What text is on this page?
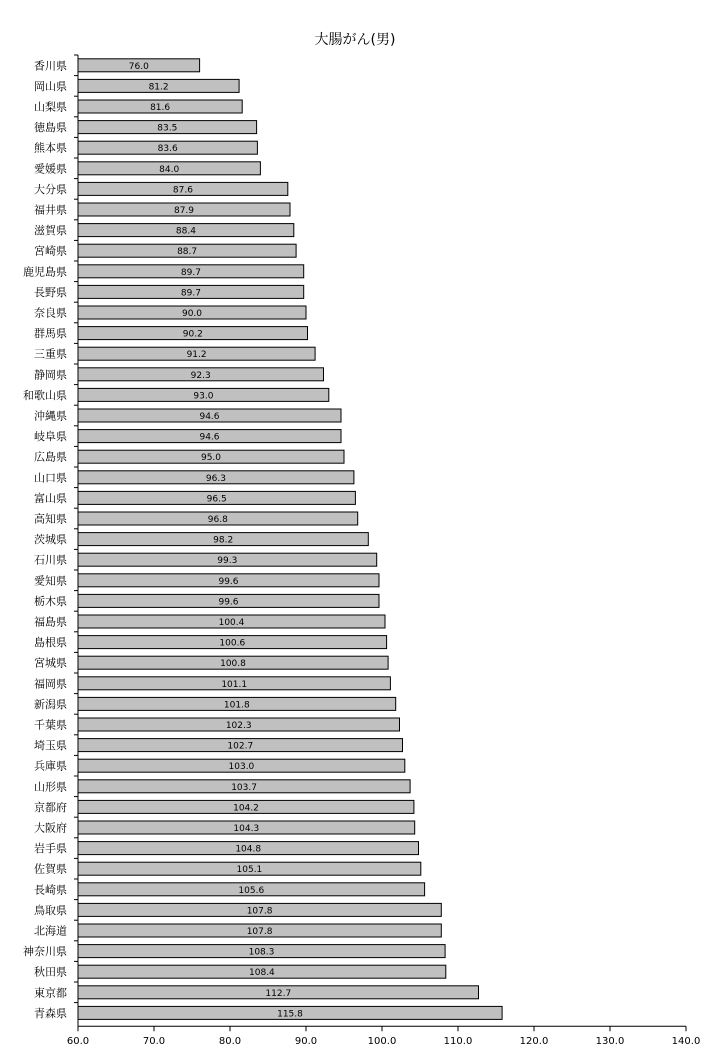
大腸がん(男)
76.0
81.2
81.6
83.5
83.6
84.0
87.6
87.9
88.4
88.7
89.7
89.7
90.0
90.2
91.2
92.3
93.0
94.6
94.6
95.0
96.3
96.5
96.8
98.2
99.3
99.6
99.6
100.4
100.6
100.8
101.1
101.8
102.3
102.7
103.0
103.7
104.2
104.3
104.8
105.1
105.6
107.8
107.8
108.3
108.4
112.7
115.8
香川県
岡山県
山梨県
徳島県
熊本県
愛媛県
大分県
福井県
滋賀県
宮崎県
鹿児島県
長野県
奈良県
群馬県
三重県
静岡県
和歌山県
沖縄県
岐阜県
広島県
山口県
富山県
高知県
茨城県
石川県
愛知県
栃木県
福島県
島根県
宮城県
福岡県
新潟県
千葉県
埼玉県
兵庫県
山形県
京都府
大阪府
岩手県
佐賀県
長崎県
鳥取県
北海道
神奈川県
秋田県
東京都
青森県
60.0	70.0	80.0	90.0	100.0	110.0	120.0	130.0	140.0
